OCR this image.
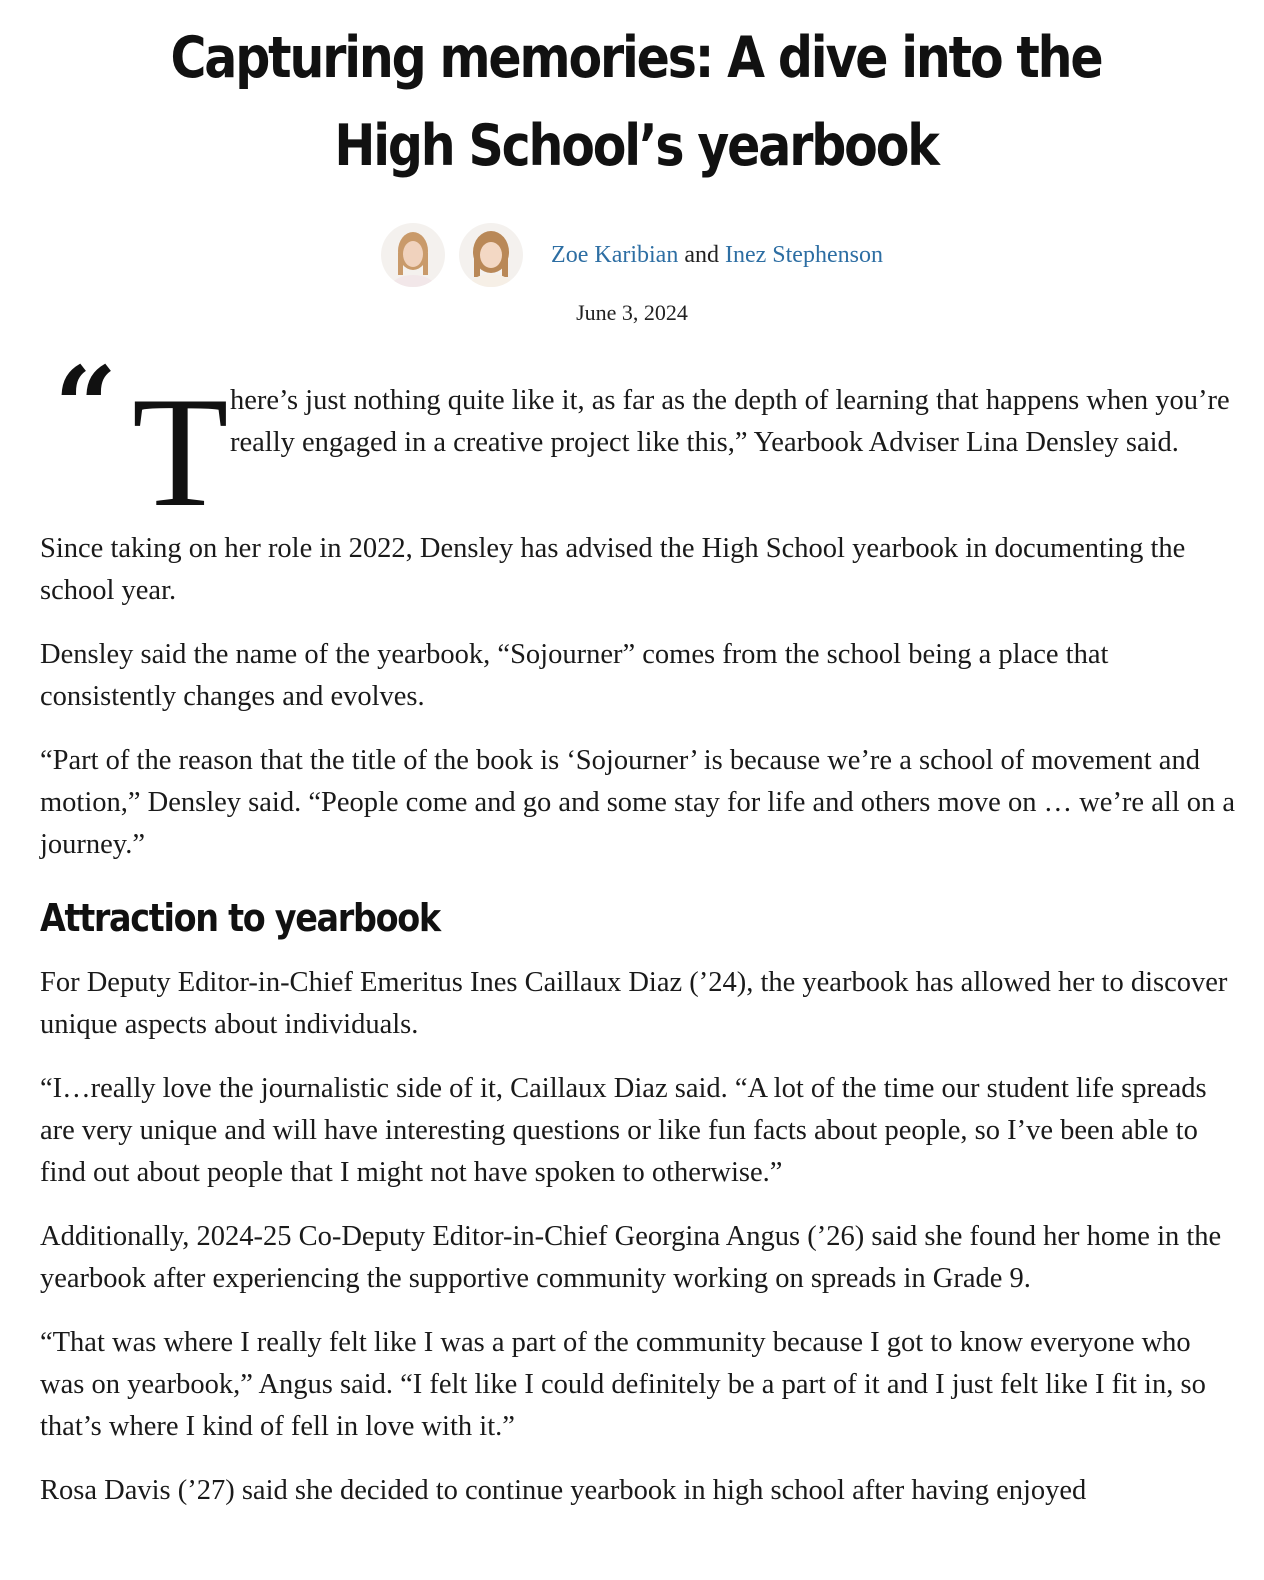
Capturing memories: A dive into the High School’s yearbook
Zoe Karibian and Inez Stephenson
June 3, 2024

“ T here’s just nothing quite like it, as far as the depth of learning that happens when you’re really engaged in a creative project like this,” Yearbook Adviser Lina Densley said.

Since taking on her role in 2022, Densley has advised the High School yearbook in documenting the school year.

Densley said the name of the yearbook, “Sojourner” comes from the school being a place that consistently changes and evolves.

“Part of the reason that the title of the book is ‘Sojourner’ is because we’re a school of movement and motion,” Densley said. “People come and go and some stay for life and others move on … we’re all on a journey.”

Attraction to yearbook

For Deputy Editor-in-Chief Emeritus Ines Caillaux Diaz (’24), the yearbook has allowed her to discover unique aspects about individuals.

“I…really love the journalistic side of it, Caillaux Diaz said. “A lot of the time our student life spreads are very unique and will have interesting questions or like fun facts about people, so I’ve been able to find out about people that I might not have spoken to otherwise.”

Additionally, 2024-25 Co-Deputy Editor-in-Chief Georgina Angus (’26) said she found her home in the yearbook after experiencing the supportive community working on spreads in Grade 9.

“That was where I really felt like I was a part of the community because I got to know everyone who was on yearbook,” Angus said. “I felt like I could definitely be a part of it and I just felt like I fit in, so that’s where I kind of fell in love with it.”

Rosa Davis (’27) said she decided to continue yearbook in high school after having enjoyed
